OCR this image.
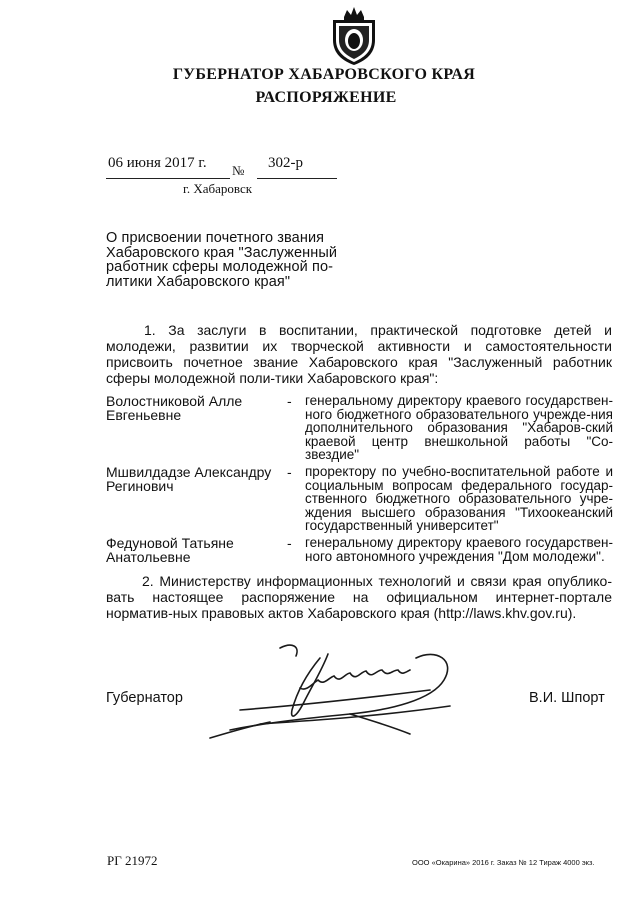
ГУБЕРНАТОР ХАБАРОВСКОГО КРАЯ
РАСПОРЯЖЕНИЕ
06 июня 2017 г. № 302-р
г. Хабаровск
О присвоении почетного звания
Хабаровского края "Заслуженный
работник сферы молодежной по-
литики Хабаровского края"
1. За заслуги в воспитании, практической подготовке детей и молодежи, развитии их творческой активности и самостоятельности присвоить почетное звание Хабаровского края "Заслуженный работник сферы молодежной поли-тики Хабаровского края":
Волостниковой Алле Евгеньевне
- генеральному директору краевого государствен-ного бюджетного образовательного учрежде-ния дополнительного образования "Хабаров-ский краевой центр внешкольной работы "Со-звездие"
Мшвилдадзе Александру Регинович
- проректору по учебно-воспитательной работе и социальным вопросам федерального государ-ственного бюджетного образовательного учре-ждения высшего образования "Тихоокеанский государственный университет"
Федуновой Татьяне Анатольевне
- генеральному директору краевого государствен-ного автономного учреждения "Дом молодежи".
2. Министерству информационных технологий и связи края опублико-вать настоящее распоряжение на официальном интернет-портале норматив-ных правовых актов Хабаровского края (http://laws.khv.gov.ru).
Губернатор	В.И. Шпорт
РГ 21972	ООО «Окарина» 2016 г. Заказ № 12 Тираж 4000 экз.
